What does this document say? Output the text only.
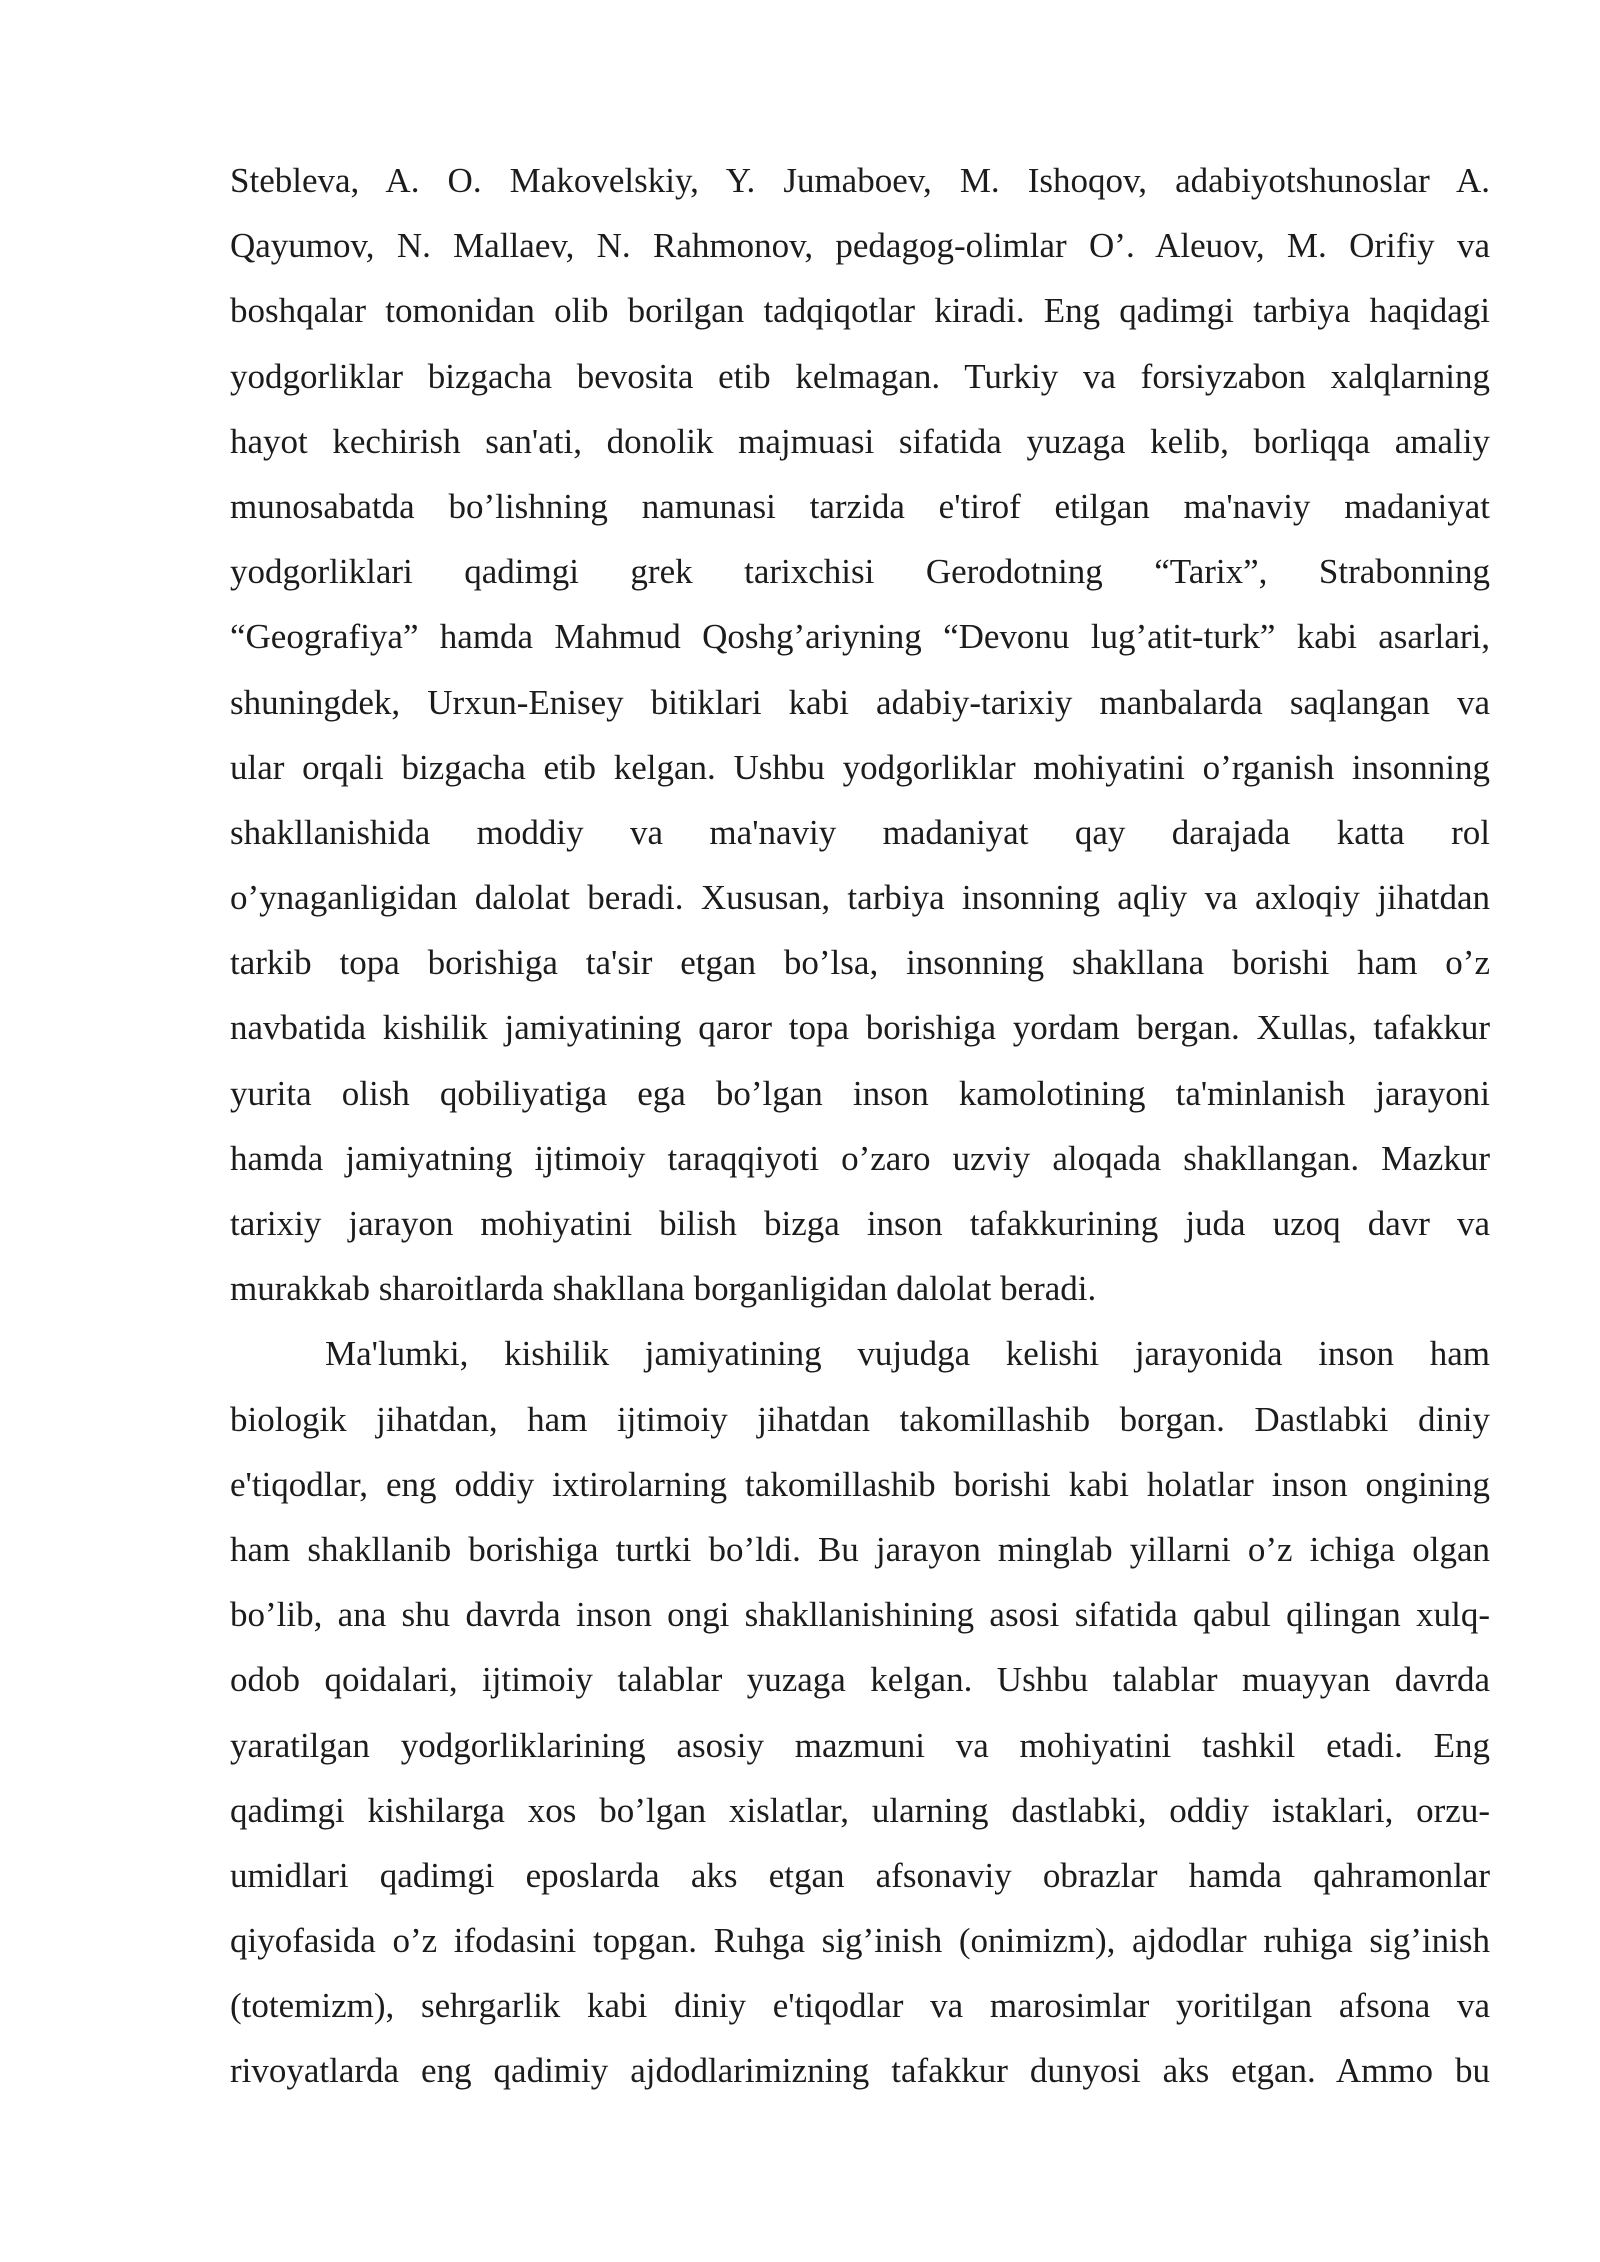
Stebleva, A. O. Makovelskiy, Y. Jumaboev, M. Ishoqov, adabiyotshunoslar A.
Qayumov, N. Mallaev, N. Rahmonov, pedagog-olimlar O’. Aleuov, M. Orifiy va
boshqalar tomonidan olib borilgan tadqiqotlar kiradi. Eng qadimgi tarbiya haqidagi
yodgorliklar bizgacha bevosita etib kelmagan. Turkiy va forsiyzabon xalqlarning
hayot kechirish san'ati, donolik majmuasi sifatida yuzaga kelib, borliqqa amaliy
munosabatda bo’lishning namunasi tarzida e'tirof etilgan ma'naviy madaniyat
yodgorliklari qadimgi grek tarixchisi Gerodotning “Tarix”, Strabonning
“Geografiya” hamda Mahmud Qoshg’ariyning “Devonu lug’atit-turk” kabi asarlari,
shuningdek, Urxun-Enisey bitiklari kabi adabiy-tarixiy manbalarda saqlangan va
ular orqali bizgacha etib kelgan. Ushbu yodgorliklar mohiyatini o’rganish insonning
shakllanishida moddiy va ma'naviy madaniyat qay darajada katta rol
o’ynaganligidan dalolat beradi. Xususan, tarbiya insonning aqliy va axloqiy jihatdan
tarkib topa borishiga ta'sir etgan bo’lsa, insonning shakllana borishi ham o’z
navbatida kishilik jamiyatining qaror topa borishiga yordam bergan. Xullas, tafakkur
yurita olish qobiliyatiga ega bo’lgan inson kamolotining ta'minlanish jarayoni
hamda jamiyatning ijtimoiy taraqqiyoti o’zaro uzviy aloqada shakllangan. Mazkur
tarixiy jarayon mohiyatini bilish bizga inson tafakkurining juda uzoq davr va
murakkab sharoitlarda shakllana borganligidan dalolat beradi.
Ma'lumki, kishilik jamiyatining vujudga kelishi jarayonida inson ham
biologik jihatdan, ham ijtimoiy jihatdan takomillashib borgan. Dastlabki diniy
e'tiqodlar, eng oddiy ixtirolarning takomillashib borishi kabi holatlar inson ongining
ham shakllanib borishiga turtki bo’ldi. Bu jarayon minglab yillarni o’z ichiga olgan
bo’lib, ana shu davrda inson ongi shakllanishining asosi sifatida qabul qilingan xulq-
odob qoidalari, ijtimoiy talablar yuzaga kelgan. Ushbu talablar muayyan davrda
yaratilgan yodgorliklarining asosiy mazmuni va mohiyatini tashkil etadi. Eng
qadimgi kishilarga xos bo’lgan xislatlar, ularning dastlabki, oddiy istaklari, orzu-
umidlari qadimgi eposlarda aks etgan afsonaviy obrazlar hamda qahramonlar
qiyofasida o’z ifodasini topgan. Ruhga sig’inish (onimizm), ajdodlar ruhiga sig’inish
(totemizm), sehrgarlik kabi diniy e'tiqodlar va marosimlar yoritilgan afsona va
rivoyatlarda eng qadimiy ajdodlarimizning tafakkur dunyosi aks etgan. Ammo bu
